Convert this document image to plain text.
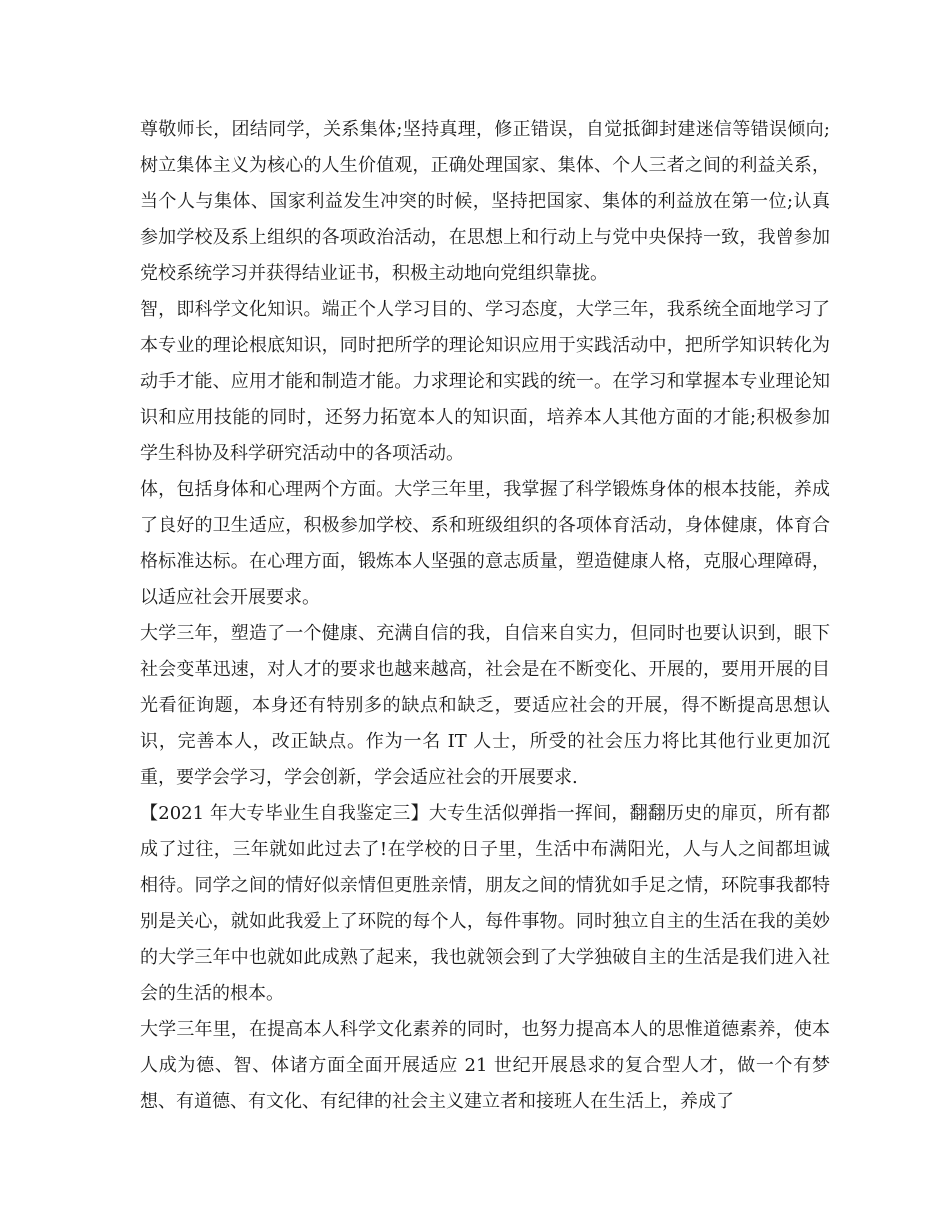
尊敬师长，团结同学，关系集体;坚持真理，修正错误，自觉抵御封建迷信等错误倾向;树立集体主义为核心的人生价值观，正确处理国家、集体、个人三者之间的利益关系，当个人与集体、国家利益发生冲突的时候，坚持把国家、集体的利益放在第一位;认真参加学校及系上组织的各项政治活动，在思想上和行动上与党中央保持一致，我曾参加党校系统学习并获得结业证书，积极主动地向党组织靠拢。

智，即科学文化知识。端正个人学习目的、学习态度，大学三年，我系统全面地学习了本专业的理论根底知识，同时把所学的理论知识应用于实践活动中，把所学知识转化为动手才能、应用才能和制造才能。力求理论和实践的统一。在学习和掌握本专业理论知识和应用技能的同时，还努力拓宽本人的知识面，培养本人其他方面的才能;积极参加学生科协及科学研究活动中的各项活动。

体，包括身体和心理两个方面。大学三年里，我掌握了科学锻炼身体的根本技能，养成了良好的卫生适应，积极参加学校、系和班级组织的各项体育活动，身体健康，体育合格标准达标。在心理方面，锻炼本人坚强的意志质量，塑造健康人格，克服心理障碍，以适应社会开展要求。

大学三年，塑造了一个健康、充满自信的我，自信来自实力，但同时也要认识到，眼下社会变革迅速，对人才的要求也越来越高，社会是在不断变化、开展的，要用开展的目光看征询题，本身还有特别多的缺点和缺乏，要适应社会的开展，得不断提高思想认识，完善本人，改正缺点。作为一名 IT 人士，所受的社会压力将比其他行业更加沉重，要学会学习，学会创新，学会适应社会的开展要求.

【2021 年大专毕业生自我鉴定三】大专生活似弹指一挥间，翻翻历史的扉页，所有都成了过往，三年就如此过去了!在学校的日子里，生活中布满阳光，人与人之间都坦诚相待。同学之间的情好似亲情但更胜亲情，朋友之间的情犹如手足之情，环院事我都特别是关心，就如此我爱上了环院的每个人，每件事物。同时独立自主的生活在我的美妙的大学三年中也就如此成熟了起来，我也就领会到了大学独破自主的生活是我们进入社会的生活的根本。

大学三年里，在提高本人科学文化素养的同时，也努力提高本人的思惟道德素养，使本人成为德、智、体诸方面全面开展适应 21 世纪开展恳求的复合型人才，做一个有梦想、有道德、有文化、有纪律的社会主义建立者和接班人在生活上，养成了
